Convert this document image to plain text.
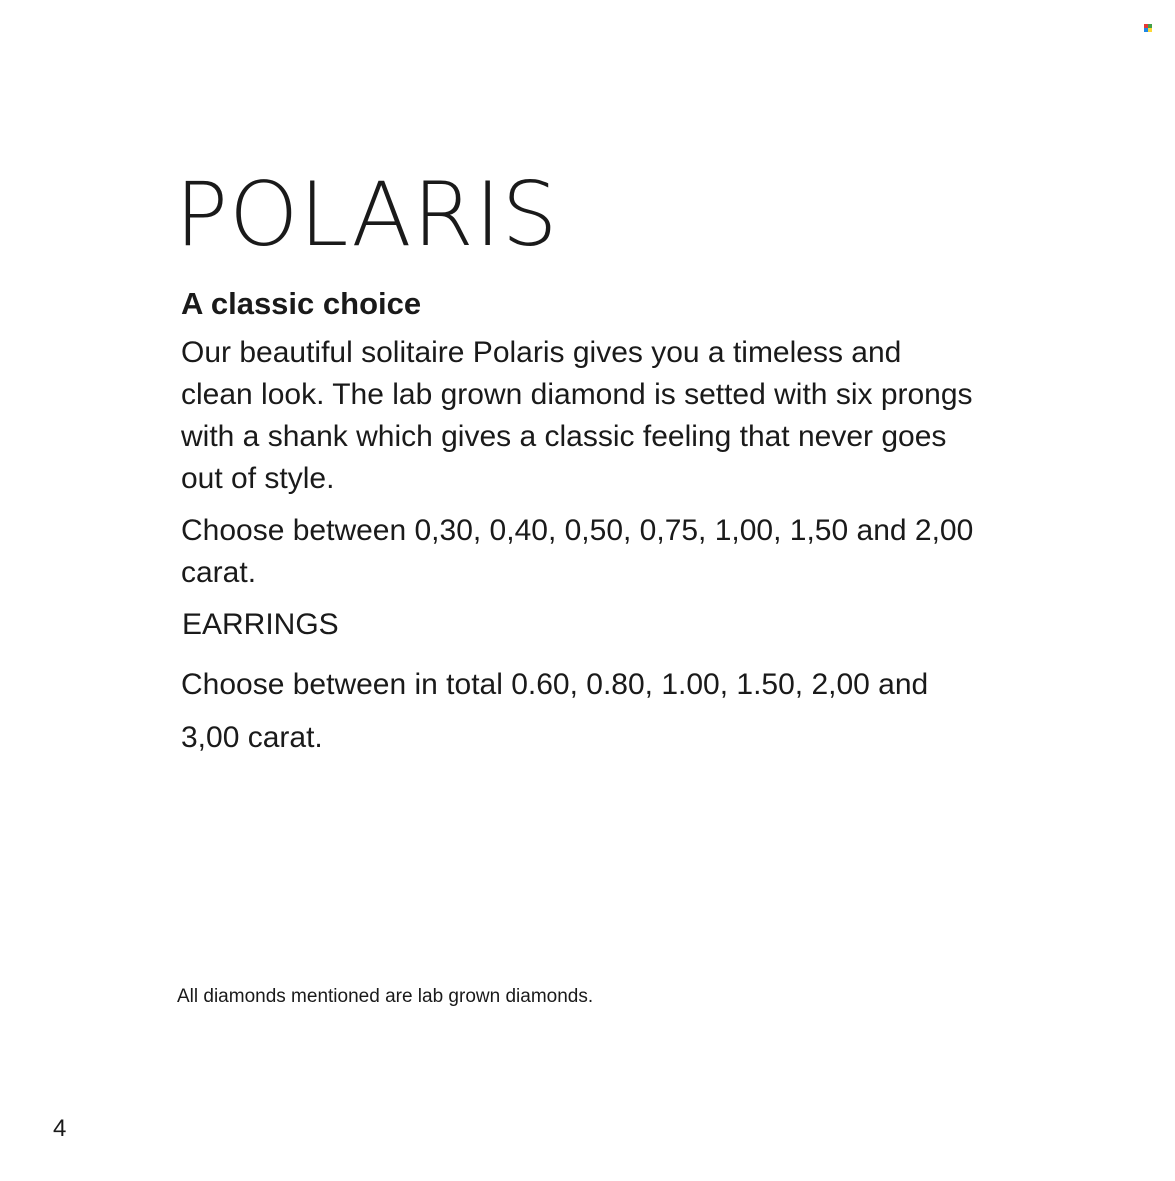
POLARIS
A classic choice

Our beautiful solitaire Polaris gives you a timeless and clean look. The lab grown diamond is setted with six prongs with a shank which gives a classic feeling that never goes out of style.

Choose between 0,30, 0,40, 0,50, 0,75, 1,00, 1,50 and 2,00 carat.

EARRINGS

Choose between in total 0.60, 0.80, 1.00, 1.50, 2,00 and 3,00 carat.

All diamonds mentioned are lab grown diamonds.
4
